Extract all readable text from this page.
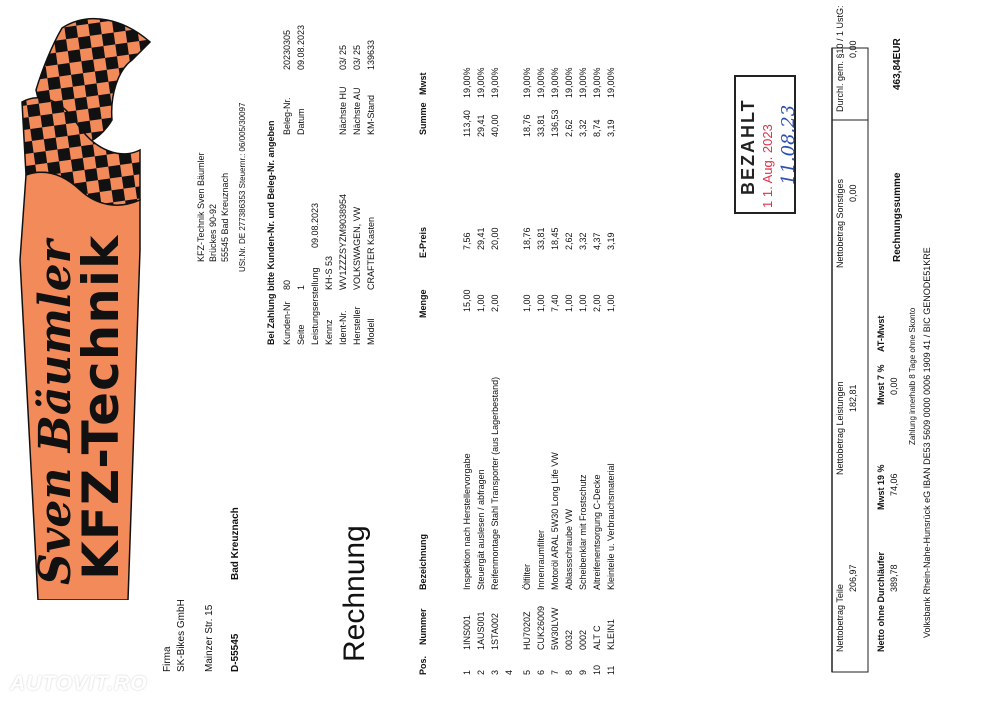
Sven Bäumler
KFZ-Technik
Firma SK-Bikes GmbH Mainzer Str. 15 D-55545
Bad Kreuznach	Rechnung
KFZ-Technik Sven Bäumler Brückes 90-92 55545 Bad Kreuznach USt.Nr. DE 277386353 Steuernr.: 06/005/30097 Bei Zahlung bitte Kunden-Nr. und Beleg-Nr. angeben Kunden-Nr
80
Beleg-Nr.
20230305
Seite
1
Datum
09.08.2023
Leistungserstellung
09.08.2023
Kennz
KH-S 53
Ident-Nr.
WV1ZZZSYZM9038954
Nächste HU
03/ 25
Hersteller
VOLKSWAGEN, VW
Nächste AU
03/ 25
Modell
CRAFTER Kasten
KM-Stand
139633
Pos.
Nummer
Bezeichnung
Menge
E-Preis
Summe
Mwst
1
1INS001
Inspektion nach Herstellervorgabe
15,00
7,56
113,40
19,00%
2
1AUS001
Steuergät auslesen / abfragen
1,00
29,41
29,41
19,00%
3
1STA002
Reifenmontage Stahl Transporter (aus Lagerbestand)
2,00
20,00
40,00
19,00%
4 5
HU7020Z
Ölfilter
1,00
18,76
18,76
19,00%
6
CUK26009
Innenraumfilter
1,00
33,81
33,81
19,00%
7
5W30LVW
Motoröl ARAL 5W30 Long Life VW
7,40
18,45
136,53
19,00%
8
0032
Ablassschraube VW
1,00
2,62
2,62
19,00%
9
0002
Scheibenklar mit Frostschutz
1,00
3,32
3,32
19,00%
10
ALT C
Altreifenentsorgung C-Decke
2,00
4,37
8,74
19,00%
11
KLEIN1
Kleinteile u. Verbrauchsmaterial
1,00
3,19
3,19
19,00%
BEZAHLT 1 1. Aug. 2023 11.08.23
Nettobetrag Teile
206,97
Nettobetrag Leistungen 182,81
Nettobetrag Sonstiges 0,00
Durchl. gem. §10 / 1 UstG: 0,00
Netto ohne Durchläufer 389,78
Mwst 19 % 74,06
Mwst 7 % 0,00
AT-Mwst
Rechnungssumme
463,84EUR
Zahlung innerhalb 8 Tage ohne Skonto Volksbank Rhein-Nahe-Hunsrück eG IBAN DE53 5609 0000 0006 1909 41 / BIC GENODE51KRE
AUTOVIT.RO
